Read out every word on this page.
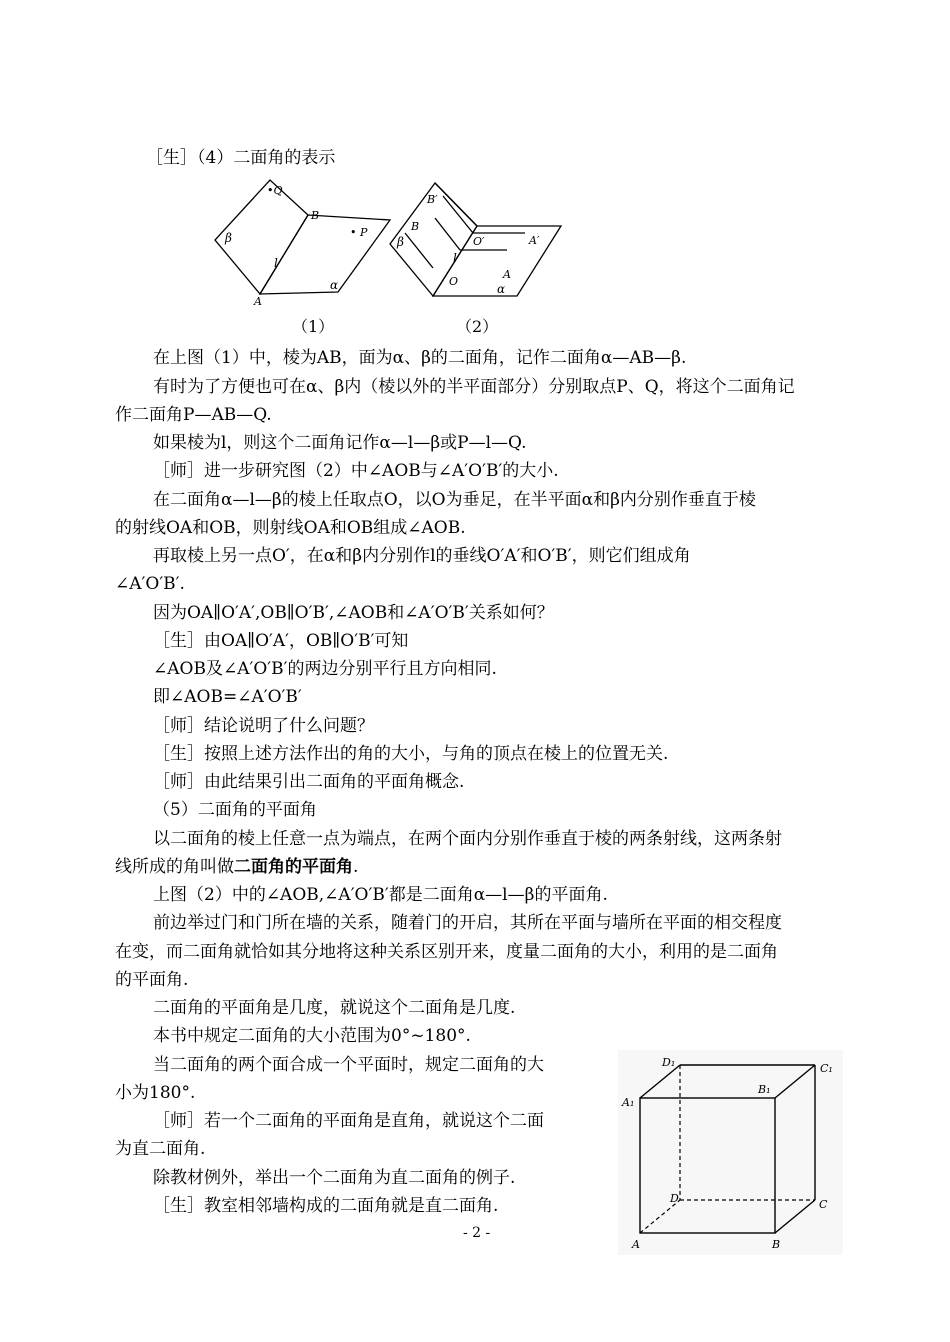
［生］（4）二面角的表示
•Q
B
• P
β
l
A
α
B′
B
β	O′	A′
l
A
O
α
（1）	（2）
在上图（1）中，棱为AB，面为α、β的二面角，记作二面角α—AB—β.
有时为了方便也可在α、β内（棱以外的半平面部分）分别取点P、Q，将这个二面角记
作二面角P—AB—Q.
如果棱为l，则这个二面角记作α—l—β或P—l—Q.
［师］进一步研究图（2）中∠AOB与∠A′O′B′的大小.
在二面角α—l—β的棱上任取点O，以O为垂足，在半平面α和β内分别作垂直于棱
的射线OA和OB，则射线OA和OB组成∠AOB.
再取棱上另一点O′，在α和β内分别作l的垂线O′A′和O′B′，则它们组成角
∠A′O′B′.
因为OA∥O′A′,OB∥O′B′,∠AOB和∠A′O′B′关系如何？
［生］由OA∥O′A′，OB∥O′B′可知
∠AOB及∠A′O′B′的两边分别平行且方向相同.
即∠AOB=∠A′O′B′
［师］结论说明了什么问题？
［生］按照上述方法作出的角的大小，与角的顶点在棱上的位置无关.
［师］由此结果引出二面角的平面角概念.
（5）二面角的平面角
以二面角的棱上任意一点为端点，在两个面内分别作垂直于棱的两条射线，这两条射
线所成的角叫做二面角的平面角.
上图（2）中的∠AOB,∠A′O′B′都是二面角α—l—β的平面角.
前边举过门和门所在墙的关系，随着门的开启，其所在平面与墙所在平面的相交程度
在变，而二面角就恰如其分地将这种关系区别开来，度量二面角的大小，利用的是二面角
的平面角.
二面角的平面角是几度，就说这个二面角是几度.
本书中规定二面角的大小范围为0°~180°.
当二面角的两个面合成一个平面时，规定二面角的大
小为180°.
［师］若一个二面角的平面角是直角，就说这个二面
为直二面角.
除教材例外，举出一个二面角为直二面角的例子.
［生］教室相邻墙构成的二面角就是直二面角.
D₁	C₁
A₁
B₁
D	C
A	B
- 2 -
